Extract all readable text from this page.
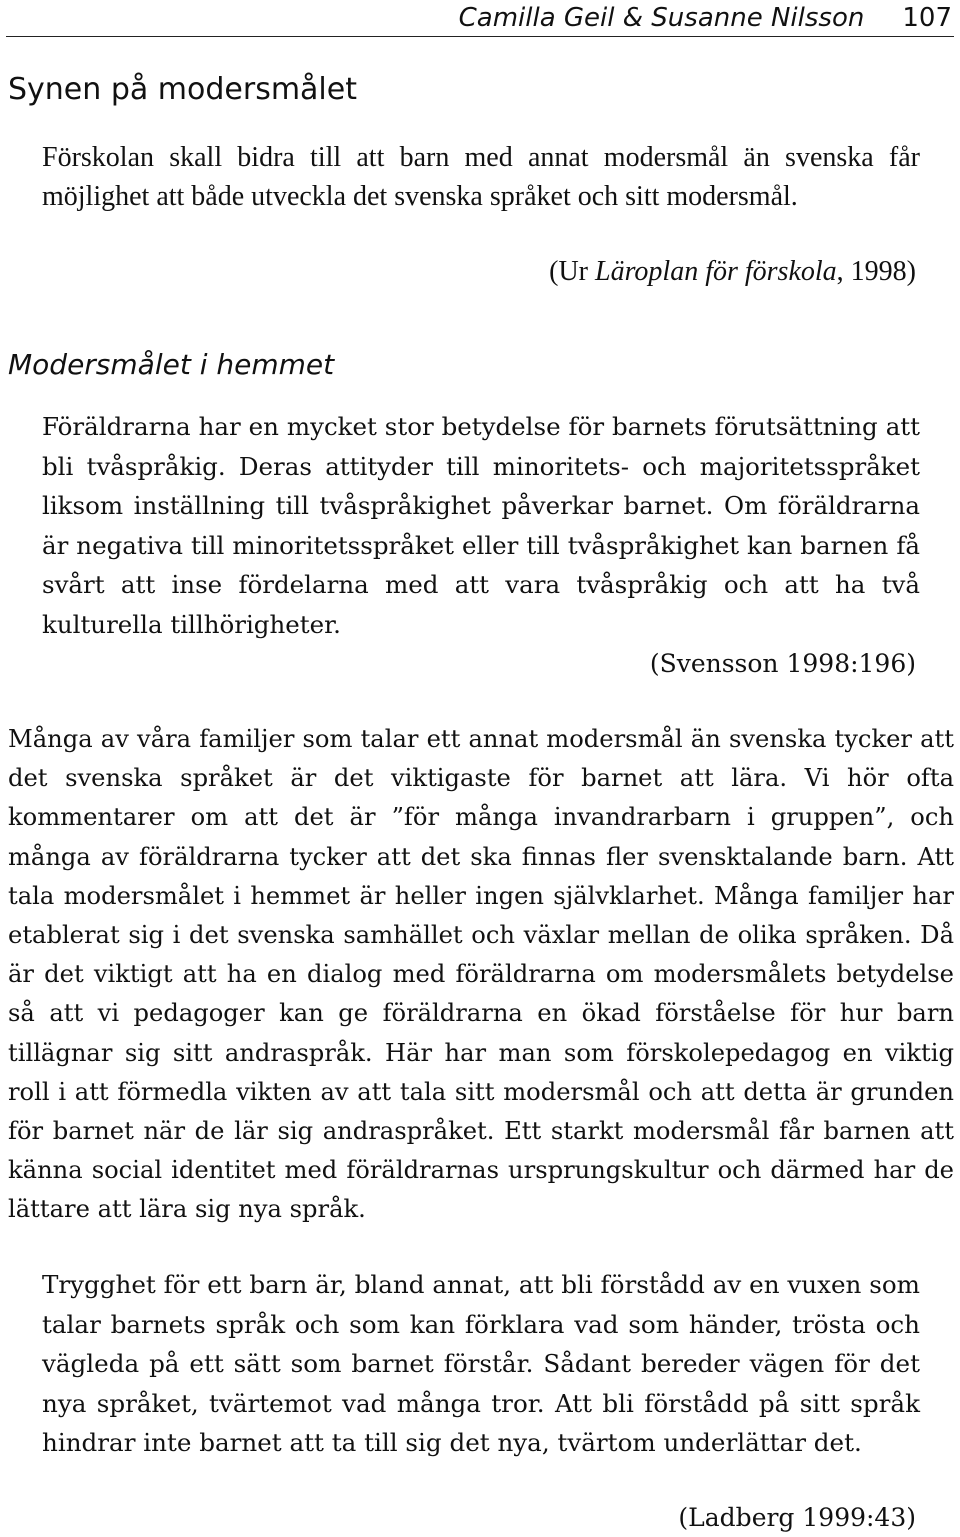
Camilla Geil & Susanne Nilsson 107
Synen på modersmålet

Förskolan skall bidra till att barn med annat modersmål än svenska får möjlighet att både utveckla det svenska språket och sitt modersmål.

(Ur Läroplan för förskola, 1998)
Modersmålet i hemmet

Föräldrarna har en mycket stor betydelse för barnets förutsättning att bli tvåspråkig. Deras attityder till minoritets- och majoritetsspråket liksom inställning till tvåspråkighet påverkar barnet. Om föräldrarna är negativa till minoritetsspråket eller till tvåspråkighet kan barnen få svårt att inse fördelarna med att vara tvåspråkig och att ha två kulturella tillhörigheter.

(Svensson 1998:196)

Många av våra familjer som talar ett annat modersmål än svenska tycker att det svenska språket är det viktigaste för barnet att lära. Vi hör ofta kommentarer om att det är ”för många invandrarbarn i gruppen”, och många av föräldrarna tycker att det ska finnas fler svensktalande barn. Att tala modersmålet i hemmet är heller ingen självklarhet. Många familjer har etablerat sig i det svenska samhället och växlar mellan de olika språken. Då är det viktigt att ha en dialog med föräldrarna om modersmålets betydelse så att vi pedagoger kan ge föräldrarna en ökad förståelse för hur barn tillägnar sig sitt andraspråk. Här har man som förskolepedagog en viktig roll i att förmedla vikten av att tala sitt modersmål och att detta är grunden för barnet när de lär sig andraspråket. Ett starkt modersmål får barnen att känna social identitet med föräldrarnas ursprungskultur och därmed har de lättare att lära sig nya språk.

Trygghet för ett barn är, bland annat, att bli förstådd av en vuxen som talar barnets språk och som kan förklara vad som händer, trösta och vägleda på ett sätt som barnet förstår. Sådant bereder vägen för det nya språket, tvärtemot vad många tror. Att bli förstådd på sitt språk hindrar inte barnet att ta till sig det nya, tvärtom underlättar det.

(Ladberg 1999:43)
